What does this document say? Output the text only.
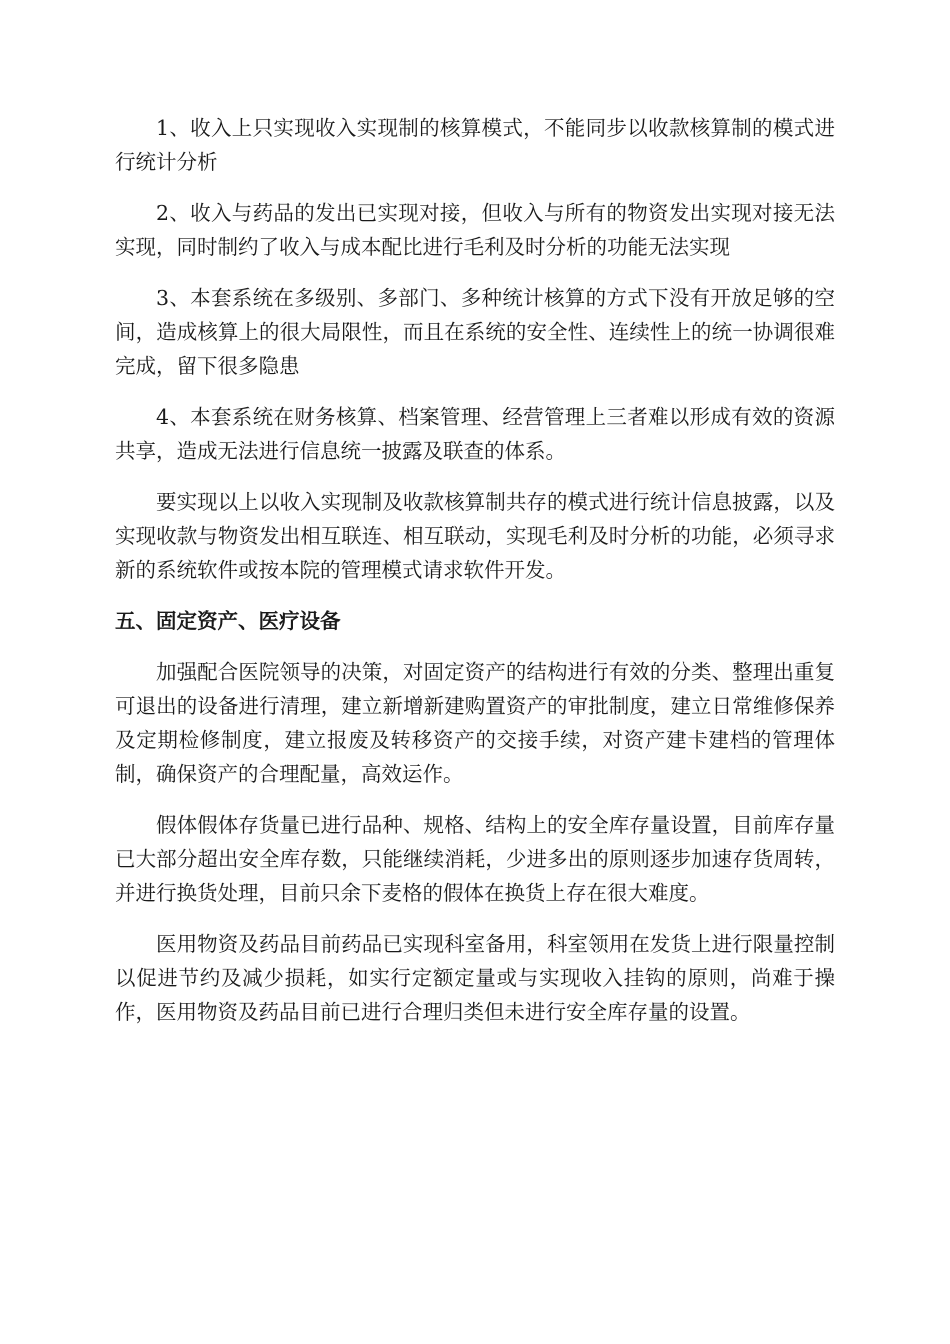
1、收入上只实现收入实现制的核算模式，不能同步以收款核算制的模式进行统计分析

2、收入与药品的发出已实现对接，但收入与所有的物资发出实现对接无法实现，同时制约了收入与成本配比进行毛利及时分析的功能无法实现

3、本套系统在多级别、多部门、多种统计核算的方式下没有开放足够的空间，造成核算上的很大局限性，而且在系统的安全性、连续性上的统一协调很难完成，留下很多隐患

4、本套系统在财务核算、档案管理、经营管理上三者难以形成有效的资源共享，造成无法进行信息统一披露及联查的体系。

要实现以上以收入实现制及收款核算制共存的模式进行统计信息披露，以及实现收款与物资发出相互联连、相互联动，实现毛利及时分析的功能，必须寻求新的系统软件或按本院的管理模式请求软件开发。

五、固定资产、医疗设备

加强配合医院领导的决策，对固定资产的结构进行有效的分类、整理出重复可退出的设备进行清理，建立新增新建购置资产的审批制度，建立日常维修保养及定期检修制度，建立报废及转移资产的交接手续，对资产建卡建档的管理体制，确保资产的合理配量，高效运作。

假体假体存货量已进行品种、规格、结构上的安全库存量设置，目前库存量已大部分超出安全库存数，只能继续消耗，少进多出的原则逐步加速存货周转，并进行换货处理，目前只余下麦格的假体在换货上存在很大难度。

医用物资及药品目前药品已实现科室备用，科室领用在发货上进行限量控制以促进节约及减少损耗，如实行定额定量或与实现收入挂钩的原则，尚难于操作，医用物资及药品目前已进行合理归类但未进行安全库存量的设置。
